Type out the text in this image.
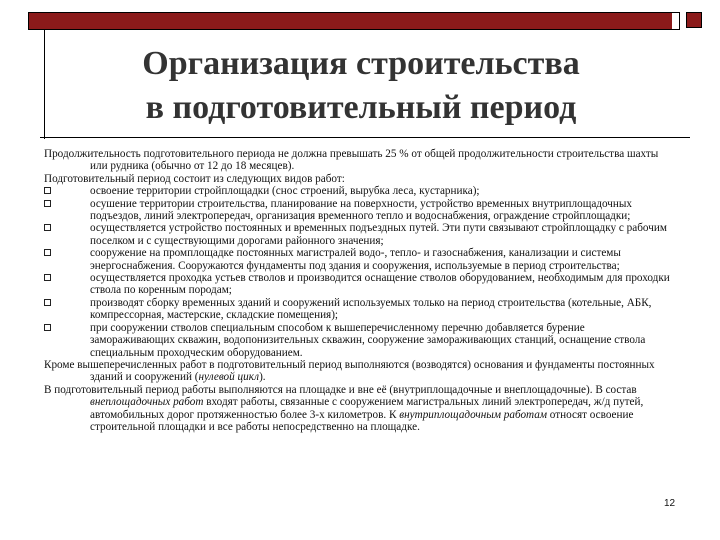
Организация строительства
в подготовительный период

Продолжительность подготовительного периода не должна превышать 25 % от общей продолжительности строительства шахты или рудника (обычно от 12 до 18 месяцев).

Подготовительный период состоит из следующих видов работ:

освоение территории стройплощадки (снос строений, вырубка леса, кустарника);
осушение территории строительства, планирование на поверхности, устройство временных внутриплощадочных подъездов, линий электропередач, организация временного тепло и водоснабжения, ограждение стройплощадки;
осуществляется устройство постоянных и временных подъездных путей. Эти пути связывают стройплощадку с рабочим поселком и с существующими дорогами районного значения;
сооружение на промплощадке постоянных магистралей водо-, тепло- и газоснабжения, канализации и системы энергоснабжения. Сооружаются фундаменты под здания и сооружения, используемые в период строительства;
осуществляется проходка устьев стволов и производится оснащение стволов оборудованием, необходимым для проходки ствола по коренным породам;
производят сборку временных зданий и сооружений используемых только на период строительства (котельные, АБК, компрессорная, мастерские, складские помещения);
при сооружении стволов специальным способом к вышеперечисленному перечню добавляется бурение замораживающих скважин, водопонизительных скважин, сооружение замораживающих станций, оснащение ствола специальным проходческим оборудованием.

Кроме вышеперечисленных работ в подготовительный период выполняются (возводятся) основания и фундаменты постоянных зданий и сооружений (нулевой цикл).

В подготовительный период работы выполняются на площадке и вне её (внутриплощадочные и внеплощадочные). В состав внеплощадочных работ входят работы, связанные с сооружением магистральных линий электропередач, ж/д путей, автомобильных дорог протяженностью более 3-х километров. К внутриплощадочным работам относят освоение строительной площадки и все работы непосредственно на площадке.

12
